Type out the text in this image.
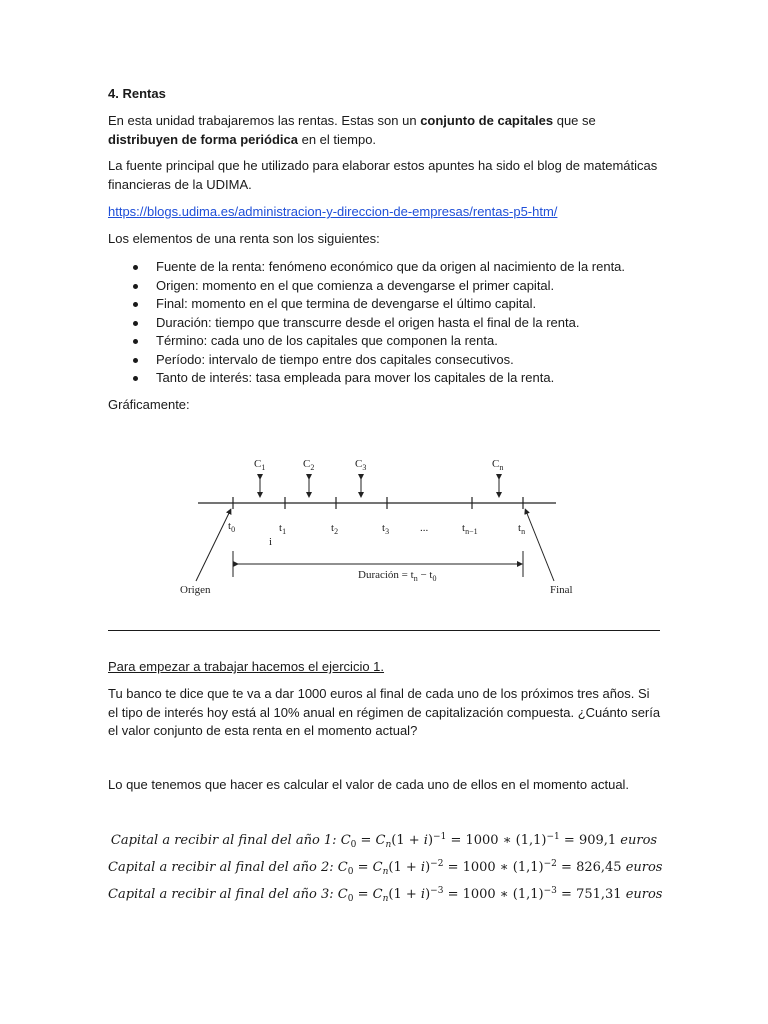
4. Rentas

En esta unidad trabajaremos las rentas. Estas son un conjunto de capitales que se distribuyen de forma periódica en el tiempo.

La fuente principal que he utilizado para elaborar estos apuntes ha sido el blog de matemáticas financieras de la UDIMA.

https://blogs.udima.es/administracion-y-direccion-de-empresas/rentas-p5-htm/

Los elementos de una renta son los siguientes:

Fuente de la renta: fenómeno económico que da origen al nacimiento de la renta.
Origen: momento en el que comienza a devengarse el primer capital.
Final: momento en el que termina de devengarse el último capital.
Duración: tiempo que transcurre desde el origen hasta el final de la renta.
Término: cada uno de los capitales que componen la renta.
Período: intervalo de tiempo entre dos capitales consecutivos.
Tanto de interés: tasa empleada para mover los capitales de la renta.

Gráficamente:

$C_1$	$C_2$	$C_3$	$C_n$
$t_0$	$t_1$	$t_2$	$t_3$	...	$t_{n-1}$	$t_n$
i
Duración = $t_n - t_0$
Origen	Final

Para empezar a trabajar hacemos el ejercicio 1.

Tu banco te dice que te va a dar 1000 euros al final de cada uno de los próximos tres años. Si el tipo de interés hoy está al 10% anual en régimen de capitalización compuesta. ¿Cuánto sería el valor conjunto de esta renta en el momento actual?

Lo que tenemos que hacer es calcular el valor de cada uno de ellos en el momento actual.

Capital a recibir al final del año 1: $C_0 = C_n(1 + i)^{-1} = 1000$ ∗ $(1,1)^{-1} = 909,1$ euros
Capital a recibir al final del año 2: $C_0 = C_n(1 + i)^{-2} = 1000$ ∗ $(1,1)^{-2} = 826,45$ euros
Capital a recibir al final del año 3: $C_0 = C_n(1 + i)^{-3} = 1000$ ∗ $(1,1)^{-3} = 751,31$ euros
